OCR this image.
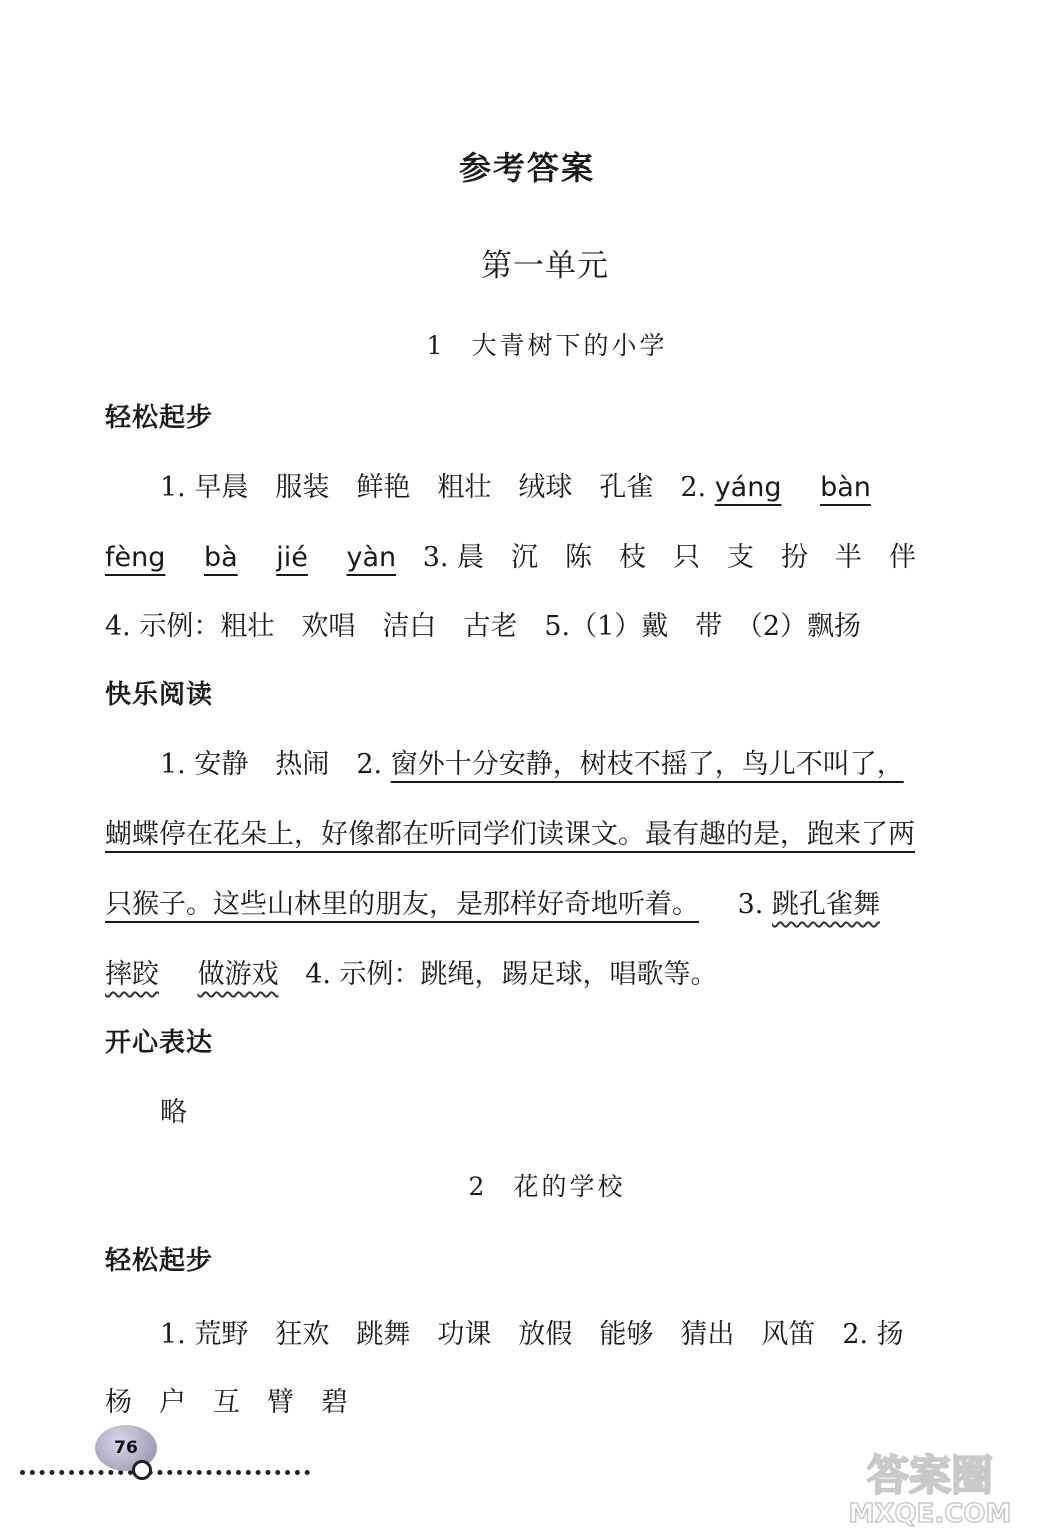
参考答案
第一单元
1 大青树下的小学
轻松起步
1. 早晨　服装　鲜艳　粗壮　绒球　孔雀　2. yáng bàn
fèng bà jié yàn 3. 晨　沉　陈　枝　只　支　扮　半　伴
4. 示例：粗壮　欢唱　洁白　古老　5.（1）戴　带　（2）飘扬
快乐阅读
1. 安静　热闹　2. 窗外十分安静，树枝不摇了，鸟儿不叫了，
蝴蝶停在花朵上，好像都在听同学们读课文。最有趣的是，跑来了两
只猴子。这些山林里的朋友，是那样好奇地听着。 3. 跳孔雀舞
摔跤 做游戏 4. 示例：跳绳，踢足球，唱歌等。
开心表达
略
2 花的学校
轻松起步
1. 荒野　狂欢　跳舞　功课　放假　能够　猜出　风笛　2. 扬
杨　户　互　臂　碧
76
答案圈
MXQE.COM
